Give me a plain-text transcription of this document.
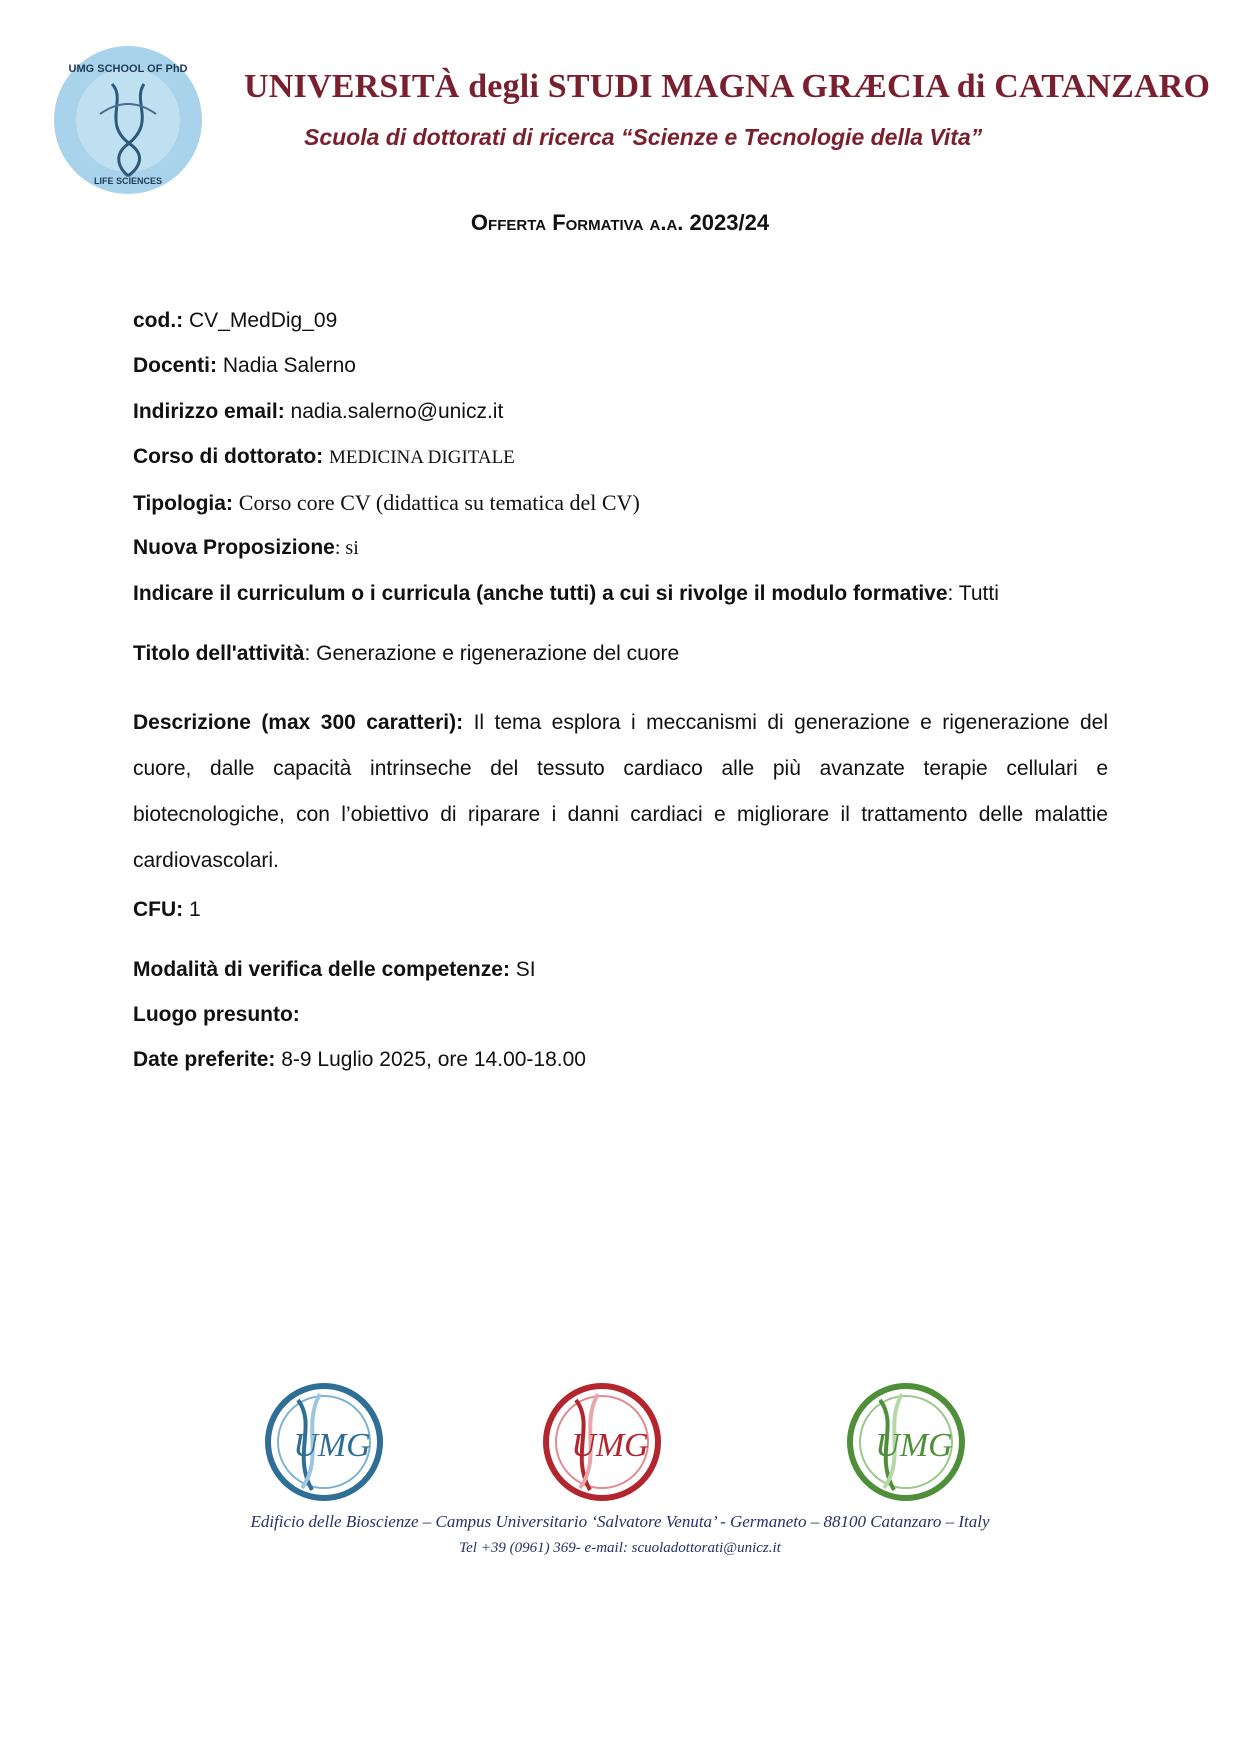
UMG SCHOOL OF PhD
LIFE SCIENCES
UNIVERSITÀ degli STUDI MAGNA GRÆCIA di CATANZARO
Scuola di dottorati di ricerca “Scienze e Tecnologie della Vita”
Offerta Formativa a.a. 2023/24
cod.: CV_MedDig_09
Docenti: Nadia Salerno
Indirizzo email: nadia.salerno@unicz.it
Corso di dottorato: MEDICINA DIGITALE
Tipologia: Corso core CV (didattica su tematica del CV)
Nuova Proposizione: si
Indicare il curriculum o i curricula (anche tutti) a cui si rivolge il modulo formative: Tutti
Titolo dell'attività: Generazione e rigenerazione del cuore
Descrizione (max 300 caratteri): Il tema esplora i meccanismi di generazione e rigenerazione del cuore, dalle capacità intrinseche del tessuto cardiaco alle più avanzate terapie cellulari e biotecnologiche, con l’obiettivo di riparare i danni cardiaci e migliorare il trattamento delle malattie cardiovascolari.
CFU: 1
Modalità di verifica delle competenze: SI
Luogo presunto:
Date preferite: 8-9 Luglio 2025, ore 14.00-18.00
UMG	UMG	UMG
Edificio delle Bioscienze – Campus Universitario ‘Salvatore Venuta’ - Germaneto – 88100 Catanzaro – Italy
Tel +39 (0961) 369- e-mail: scuoladottorati@unicz.it
